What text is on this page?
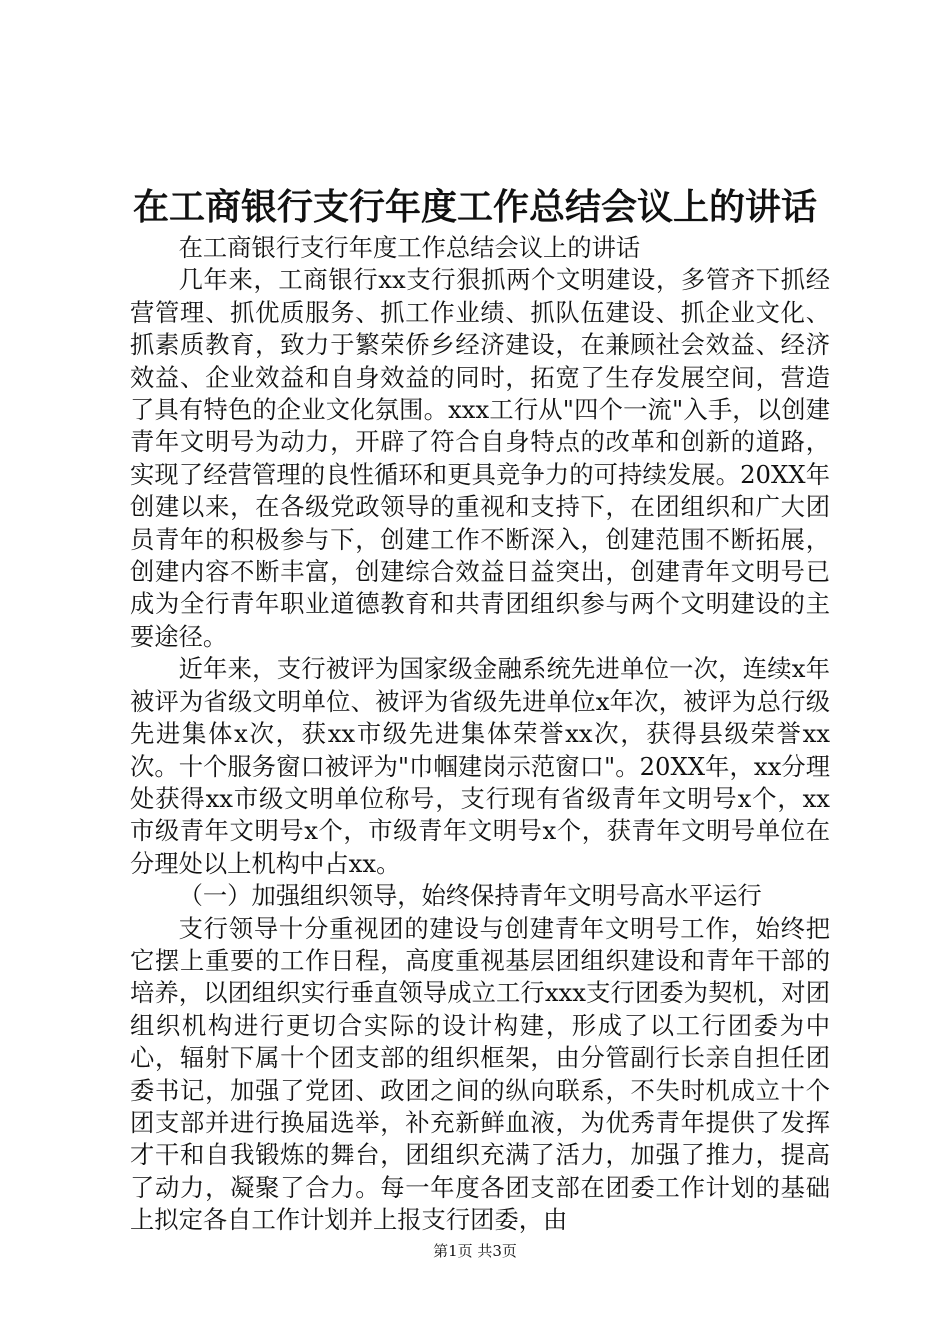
在工商银行支行年度工作总结会议上的讲话

在工商银行支行年度工作总结会议上的讲话

几年来，工商银行xx支行狠抓两个文明建设，多管齐下抓经营管理、抓优质服务、抓工作业绩、抓队伍建设、抓企业文化、抓素质教育，致力于繁荣侨乡经济建设，在兼顾社会效益、经济效益、企业效益和自身效益的同时，拓宽了生存发展空间，营造了具有特色的企业文化氛围。xxx工行从"四个一流"入手，以创建青年文明号为动力，开辟了符合自身特点的改革和创新的道路，实现了经营管理的良性循环和更具竞争力的可持续发展。20XX年创建以来，在各级党政领导的重视和支持下，在团组织和广大团员青年的积极参与下，创建工作不断深入，创建范围不断拓展，创建内容不断丰富，创建综合效益日益突出，创建青年文明号已成为全行青年职业道德教育和共青团组织参与两个文明建设的主要途径。

近年来，支行被评为国家级金融系统先进单位一次，连续x年被评为省级文明单位、被评为省级先进单位x年次，被评为总行级先进集体x次，获xx市级先进集体荣誉xx次，获得县级荣誉xx次。十个服务窗口被评为"巾帼建岗示范窗口"。20XX年，xx分理处获得xx市级文明单位称号，支行现有省级青年文明号x个，xx市级青年文明号x个，市级青年文明号x个，获青年文明号单位在分理处以上机构中占xx。

（一）加强组织领导，始终保持青年文明号高水平运行

支行领导十分重视团的建设与创建青年文明号工作，始终把它摆上重要的工作日程，高度重视基层团组织建设和青年干部的培养，以团组织实行垂直领导成立工行xxx支行团委为契机，对团组织机构进行更切合实际的设计构建，形成了以工行团委为中心，辐射下属十个团支部的组织框架，由分管副行长亲自担任团委书记，加强了党团、政团之间的纵向联系，不失时机成立十个团支部并进行换届选举，补充新鲜血液，为优秀青年提供了发挥才干和自我锻炼的舞台，团组织充满了活力，加强了推力，提高了动力，凝聚了合力。每一年度各团支部在团委工作计划的基础上拟定各自工作计划并上报支行团委，由

第1页 共3页
